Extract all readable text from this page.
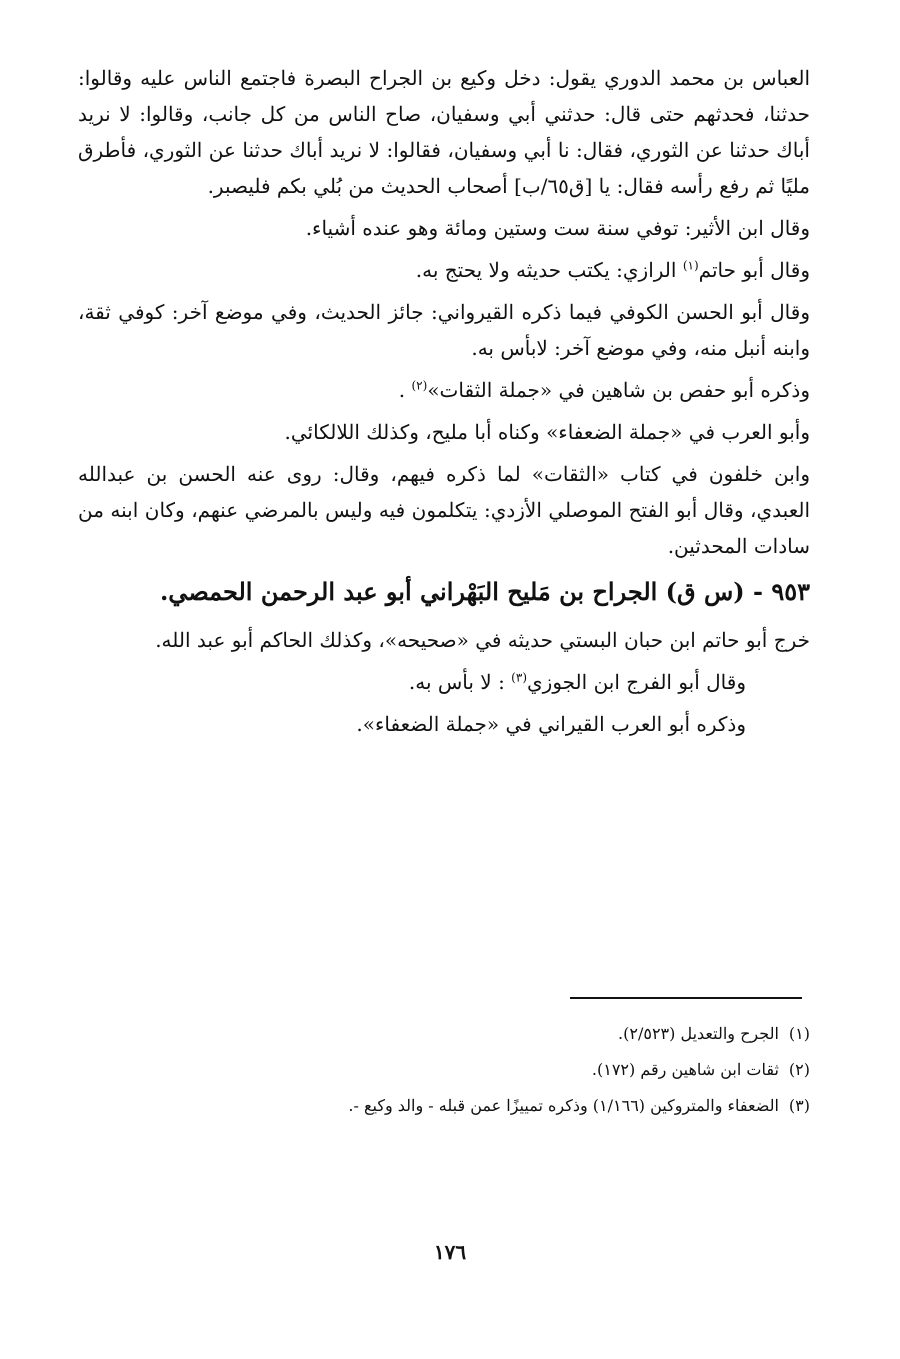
العباس بن محمد الدوري يقول: دخل وكيع بن الجراح البصرة فاجتمع الناس عليه وقالوا: حدثنا، فحدثهم حتى قال: حدثني أبي وسفيان، صاح الناس من كل جانب، وقالوا: لا نريد أباك حدثنا عن الثوري، فقال: نا أبي وسفيان، فقالوا: لا نريد أباك حدثنا عن الثوري، فأطرق مليًا ثم رفع رأسه فقال: يا [ق٦٥/ب] أصحاب الحديث من بُلي بكم فليصبر.

وقال ابن الأثير: توفي سنة ست وستين ومائة وهو عنده أشياء.

وقال أبو حاتم$^{(١)}$ الرازي: يكتب حديثه ولا يحتج به.

وقال أبو الحسن الكوفي فيما ذكره القيرواني: جائز الحديث، وفي موضع آخر: كوفي ثقة، وابنه أنبل منه، وفي موضع آخر: لابأس به.

وذكره أبو حفص بن شاهين في «جملة الثقات»$^{(٢)}$ .

وأبو العرب في «جملة الضعفاء» وكناه أبا مليح، وكذلك اللالكائي.

وابن خلفون في كتاب «الثقات» لما ذكره فيهم، وقال: روى عنه الحسن بن عبدالله العبدي، وقال أبو الفتح الموصلي الأزدي: يتكلمون فيه وليس بالمرضي عنهم، وكان ابنه من سادات المحدثين.

٩٥٣ - (س ق) الجراح بن مَليح البَهْراني أبو عبد الرحمن الحمصي.

خرج أبو حاتم ابن حبان البستي حديثه في «صحيحه»، وكذلك الحاكم أبو عبد الله.

وقال أبو الفرج ابن الجوزي$^{(٣)}$ : لا بأس به.

وذكره أبو العرب القيراني في «جملة الضعفاء».

(١)الجرح والتعديل (٢/٥٢٣).

(٢)ثقات ابن شاهين رقم (١٧٢).

(٣)الضعفاء والمتروكين (١/١٦٦) وذكره تمييزًا عمن قبله - والد وكيع -.

١٧٦
